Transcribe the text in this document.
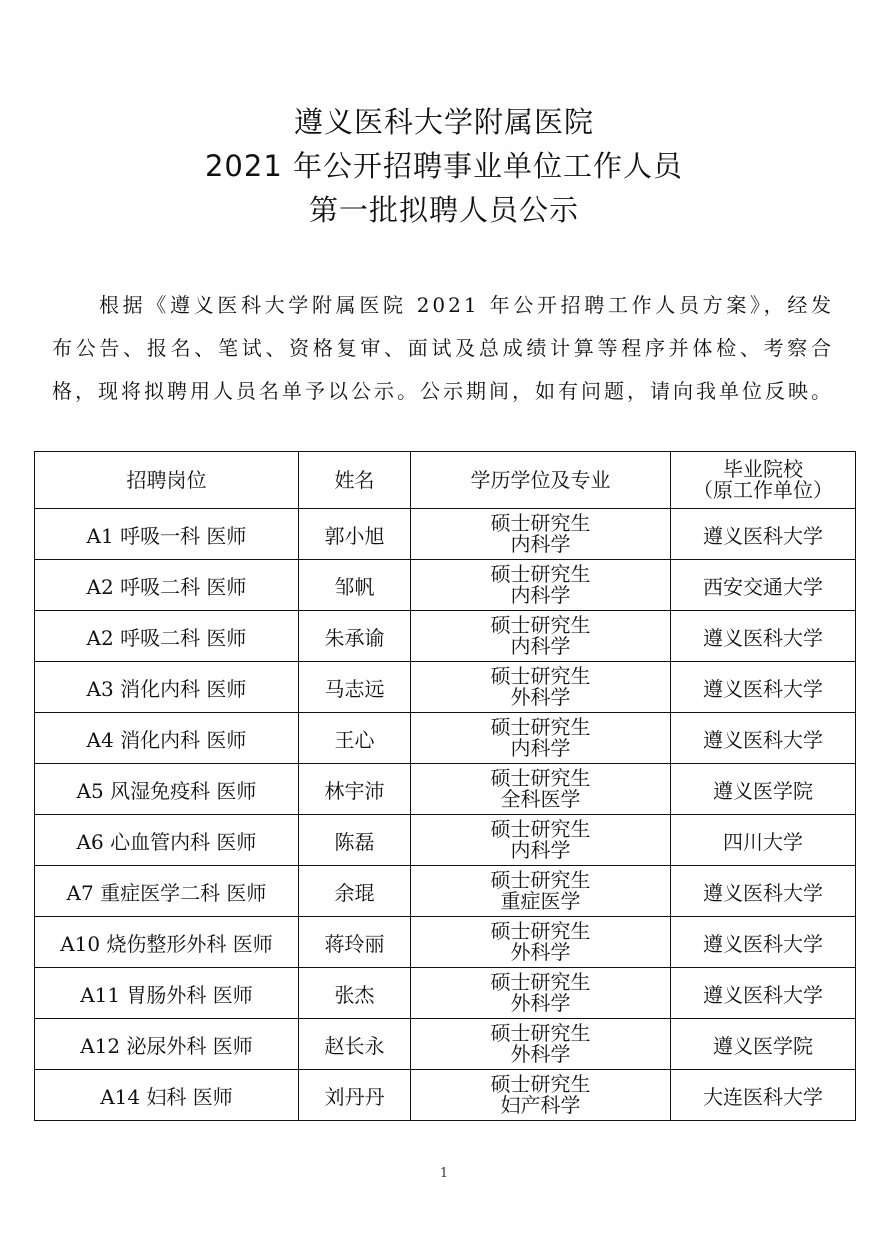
遵义医科大学附属医院
2021 年公开招聘事业单位工作人员
第一批拟聘人员公示

根据《遵义医科大学附属医院 2021 年公开招聘工作人员方案》，经发布公告、报名、笔试、资格复审、面试及总成绩计算等程序并体检、考察合格，现将拟聘用人员名单予以公示。公示期间，如有问题，请向我单位反映。

招聘岗位	姓名	学历学位及专业	毕业院校
（原工作单位）

A1 呼吸一科 医师	郭小旭	硕士研究生
内科学	遵义医科大学
A2 呼吸二科 医师	邹帆	硕士研究生
内科学	西安交通大学
A2 呼吸二科 医师	朱承谕	硕士研究生
内科学	遵义医科大学
A3 消化内科 医师	马志远	硕士研究生
外科学	遵义医科大学
A4 消化内科 医师	王心	硕士研究生
内科学	遵义医科大学
A5 风湿免疫科 医师	林宇沛	硕士研究生
全科医学	遵义医学院
A6 心血管内科 医师	陈磊	硕士研究生
内科学	四川大学
A7 重症医学二科 医师	余琨	硕士研究生
重症医学	遵义医科大学
A10 烧伤整形外科 医师	蒋玲丽	硕士研究生
外科学	遵义医科大学
A11 胃肠外科 医师	张杰	硕士研究生
外科学	遵义医科大学
A12 泌尿外科 医师	赵长永	硕士研究生
外科学	遵义医学院
A14 妇科 医师	刘丹丹	硕士研究生
妇产科学	大连医科大学
1
